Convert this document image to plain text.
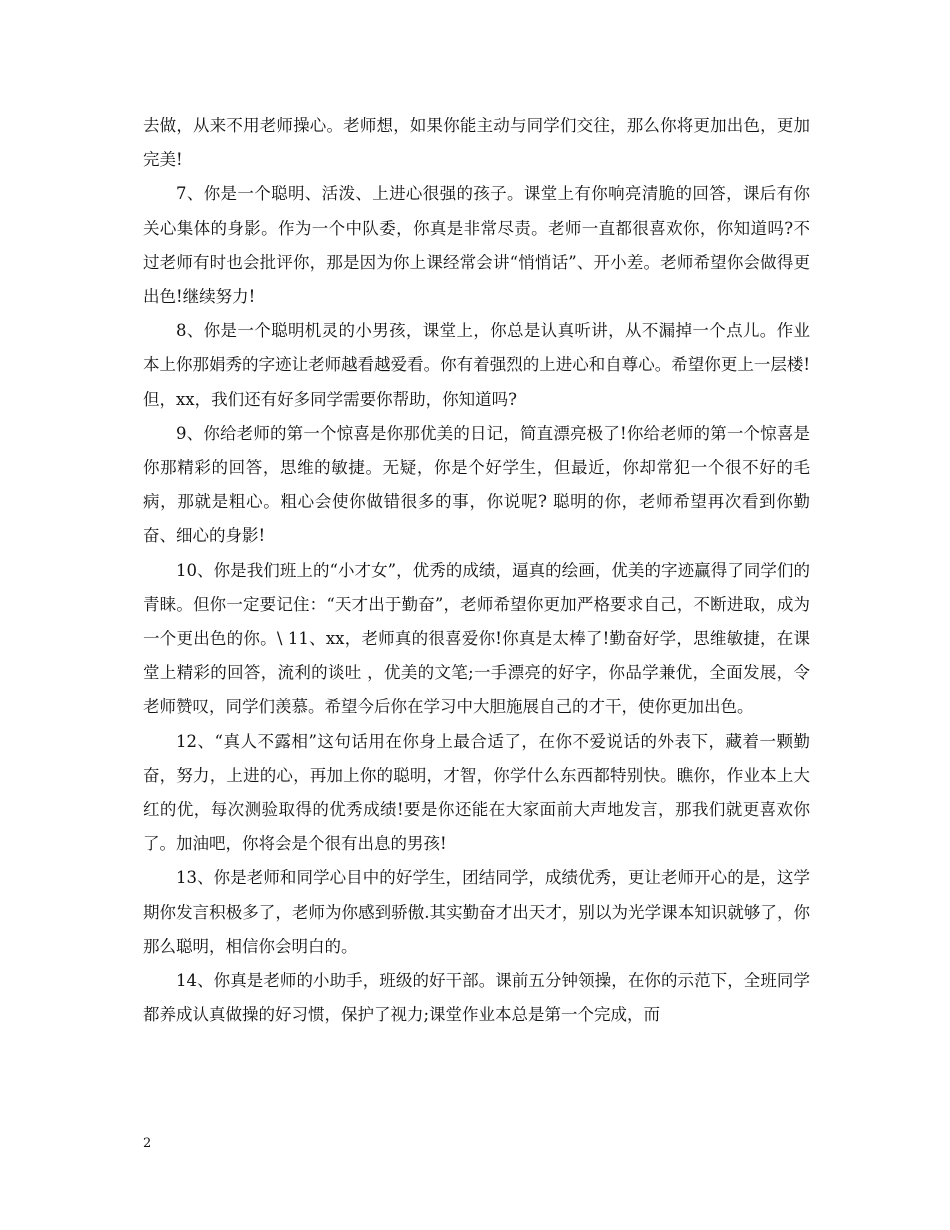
去做，从来不用老师操心。老师想，如果你能主动与同学们交往，那么你将更加出色，更加完美!

7、你是一个聪明、活泼、上进心很强的孩子。课堂上有你响亮清脆的回答，课后有你关心集体的身影。作为一个中队委，你真是非常尽责。老师一直都很喜欢你，你知道吗?不过老师有时也会批评你，那是因为你上课经常会讲“悄悄话”、开小差。老师希望你会做得更出色!继续努力!

8、你是一个聪明机灵的小男孩，课堂上，你总是认真听讲，从不漏掉一个点儿。作业本上你那娟秀的字迹让老师越看越爱看。你有着强烈的上进心和自尊心。希望你更上一层楼!但，xx，我们还有好多同学需要你帮助，你知道吗?

9、你给老师的第一个惊喜是你那优美的日记，简直漂亮极了!你给老师的第一个惊喜是你那精彩的回答，思维的敏捷。无疑，你是个好学生，但最近，你却常犯一个很不好的毛病，那就是粗心。粗心会使你做错很多的事，你说呢? 聪明的你，老师希望再次看到你勤奋、细心的身影!

10、你是我们班上的“小才女”，优秀的成绩，逼真的绘画，优美的字迹赢得了同学们的青睐。但你一定要记住：“天才出于勤奋”，老师希望你更加严格要求自己，不断进取，成为一个更出色的你。\ 11、xx，老师真的很喜爱你!你真是太棒了!勤奋好学，思维敏捷，在课堂上精彩的回答，流利的谈吐 ，优美的文笔;一手漂亮的好字，你品学兼优，全面发展，令老师赞叹，同学们羡慕。希望今后你在学习中大胆施展自己的才干，使你更加出色。

12、“真人不露相”这句话用在你身上最合适了，在你不爱说话的外表下，藏着一颗勤奋，努力，上进的心，再加上你的聪明，才智，你学什么东西都特别快。瞧你，作业本上大红的优，每次测验取得的优秀成绩!要是你还能在大家面前大声地发言，那我们就更喜欢你了。加油吧，你将会是个很有出息的男孩!

13、你是老师和同学心目中的好学生，团结同学，成绩优秀，更让老师开心的是，这学期你发言积极多了，老师为你感到骄傲.其实勤奋才出天才，别以为光学课本知识就够了，你那么聪明，相信你会明白的。

14、你真是老师的小助手，班级的好干部。课前五分钟领操，在你的示范下，全班同学都养成认真做操的好习惯，保护了视力;课堂作业本总是第一个完成，而

2
